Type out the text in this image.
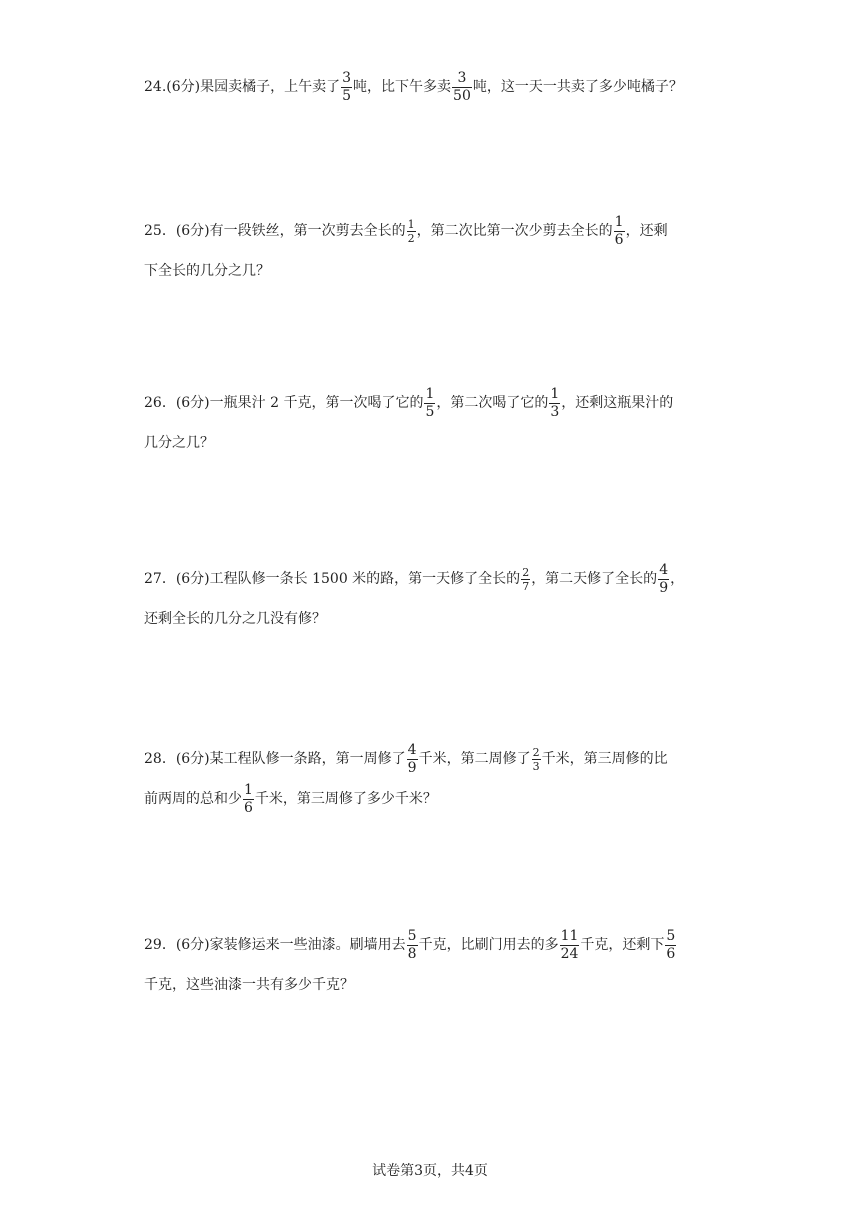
24.(6分)果园卖橘子，上午卖了 $\frac{3}{5}$ 吨，比下午多卖 $\frac{3}{50}$ 吨，这一天一共卖了多少吨橘子？
25．(6分)有一段铁丝，第一次剪去全长的 $\frac{1}{2}$ ，第二次比第一次少剪去全长的 $\frac{1}{6}$ ，还剩
下全长的几分之几？
26．(6分)一瓶果汁 2 千克，第一次喝了它的 $\frac{1}{5}$ ，第二次喝了它的 $\frac{1}{3}$ ，还剩这瓶果汁的
几分之几？
27．(6分)工程队修一条长 1500 米的路，第一天修了全长的 $\frac{2}{7}$ ，第二天修了全长的 $\frac{4}{9}$ ，
还剩全长的几分之几没有修？
28．(6分)某工程队修一条路，第一周修了 $\frac{4}{9}$ 千米，第二周修了 $\frac{2}{3}$ 千米，第三周修的比
前两周的总和少 $\frac{1}{6}$ 千米，第三周修了多少千米？
29．(6分)家装修运来一些油漆。刷墙用去 $\frac{5}{8}$ 千克，比刷门用去的多 $\frac{11}{24}$ 千克，还剩下 $\frac{5}{6}$
千克，这些油漆一共有多少千克？
试卷第3页，共4页
